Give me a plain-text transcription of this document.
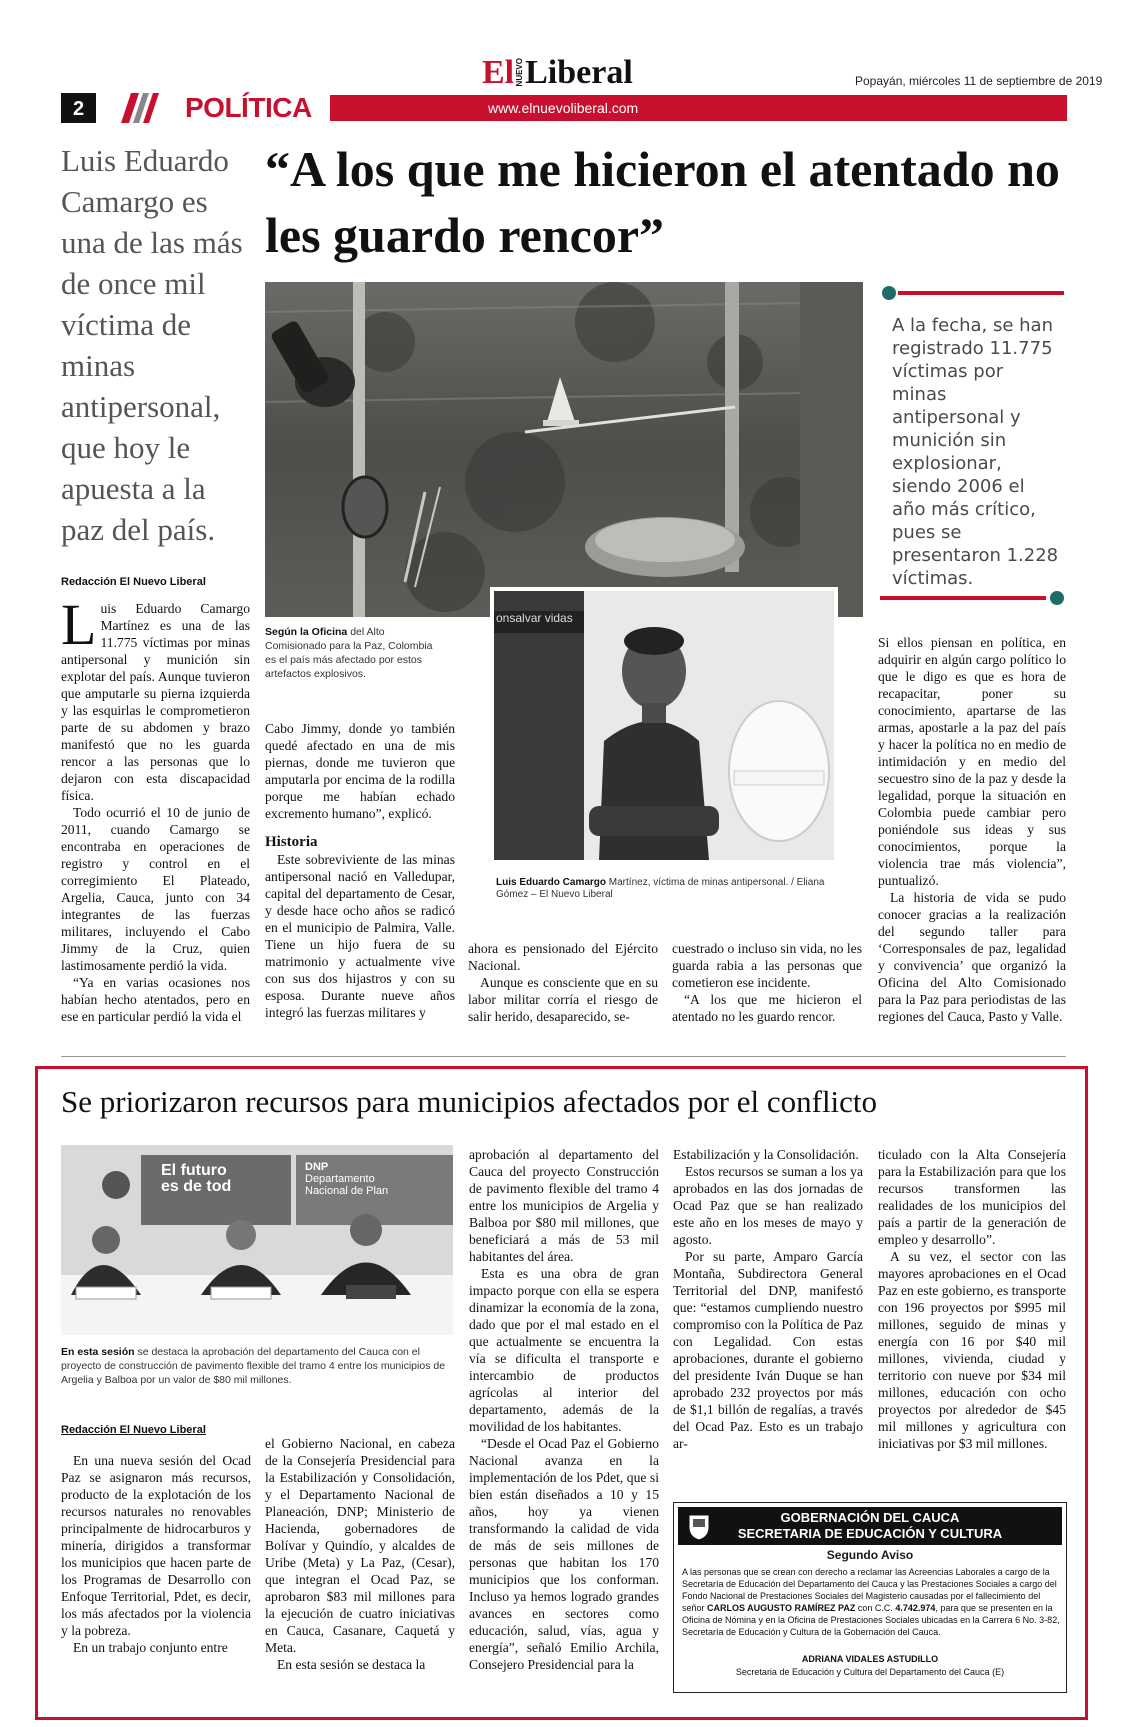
2	POLÍTICA
El NUEVO Liberal
www.elnuevoliberal.com
Popayán, miércoles 11 de septiembre de 2019
“A los que me hicieron el atentado no les guardo rencor”
Luis Eduardo Camargo es una de las más de once mil víctima de minas antipersonal, que hoy le apuesta a la paz del país.
Redacción El Nuevo Liberal

Luis Eduardo Camargo Martínez es una de las 11.775 víctimas por minas antipersonal y munición sin explotar del país. Aunque tuvieron que amputarle su pierna izquierda y las esquirlas le comprometieron parte de su abdomen y brazo manifestó que no les guarda rencor a las personas que lo dejaron con esta discapacidad física.

Todo ocurrió el 10 de junio de 2011, cuando Camargo se encontraba en operaciones de registro y control en el corregimiento El Plateado, Argelia, Cauca, junto con 34 integrantes de las fuerzas militares, incluyendo el Cabo Jimmy de la Cruz, quien lastimosamente perdió la vida.

“Ya en varias ocasiones nos habían hecho atentados, pero en ese en particular perdió la vida el

Según la Oficina del Alto Comisionado para la Paz, Colombia es el país más afectado por estos artefactos explosivos.

Cabo Jimmy, donde yo también quedé afectado en una de mis piernas, donde me tuvieron que amputarla por encima de la rodilla porque me habían echado excremento humano”, explicó.

Historia

Este sobreviviente de las minas antipersonal nació en Valledupar, capital del departamento de Cesar, y desde hace ocho años se radicó en el municipio de Palmira, Valle. Tiene un hijo fuera de su matrimonio y actualmente vive con sus dos hijastros y con su esposa. Durante nueve años integró las fuerzas militares y

onsalvar vidas
Luis Eduardo Camargo Martínez, víctima de minas antipersonal. / Eliana Gómez – El Nuevo Liberal

ahora es pensionado del Ejército Nacional.

Aunque es consciente que en su labor militar corría el riesgo de salir herido, desaparecido, se-

cuestrado o incluso sin vida, no les guarda rabia a las personas que cometieron ese incidente.

“A los que me hicieron el atentado no les guardo rencor.

A la fecha, se han registrado 11.775 víctimas por minas antipersonal y munición sin explosionar, siendo 2006 el año más crítico, pues se presentaron 1.228 víctimas.

Si ellos piensan en política, en adquirir en algún cargo político lo que le digo es que es hora de recapacitar, poner su conocimiento, apartarse de las armas, apostarle a la paz del país y hacer la política no en medio de intimidación y en medio del secuestro sino de la paz y desde la legalidad, porque la situación en Colombia puede cambiar pero poniéndole sus ideas y sus conocimientos, porque la violencia trae más violencia”, puntualizó.

La historia de vida se pudo conocer gracias a la realización del segundo taller para ‘Corresponsales de paz, legalidad y convivencia’ que organizó la Oficina del Alto Comisionado para la Paz para periodistas de las regiones del Cauca, Pasto y Valle.

Se priorizaron recursos para municipios afectados por el conflicto
El futuro
es de tod
DNP
Departamento
Nacional de Plan
En esta sesión se destaca la aprobación del departamento del Cauca con el proyecto de construcción de pavimento flexible del tramo 4 entre los municipios de Argelia y Balboa por un valor de $80 mil millones.
Redacción El Nuevo Liberal

En una nueva sesión del Ocad Paz se asignaron más recursos, producto de la explotación de los recursos naturales no renovables principalmente de hidrocarburos y minería, dirigidos a transformar los municipios que hacen parte de los Programas de Desarrollo con Enfoque Territorial, Pdet, es decir, los más afectados por la violencia y la pobreza.

En un trabajo conjunto entre

el Gobierno Nacional, en cabeza de la Consejería Presidencial para la Estabilización y Consolidación, y el Departamento Nacional de Planeación, DNP; Ministerio de Hacienda, gobernadores de Bolívar y Quindío, y alcaldes de Uribe (Meta) y La Paz, (Cesar), que integran el Ocad Paz, se aprobaron $83 mil millones para la ejecución de cuatro iniciativas en Cauca, Casanare, Caquetá y Meta.

En esta sesión se destaca la

aprobación al departamento del Cauca del proyecto Construcción de pavimento flexible del tramo 4 entre los municipios de Argelia y Balboa por $80 mil millones, que beneficiará a más de 53 mil habitantes del área.

Esta es una obra de gran impacto porque con ella se espera dinamizar la economía de la zona, dado que por el mal estado en el que actualmente se encuentra la vía se dificulta el transporte e intercambio de productos agrícolas al interior del departamento, además de la movilidad de los habitantes.

“Desde el Ocad Paz el Gobierno Nacional avanza en la implementación de los Pdet, que si bien están diseñados a 10 y 15 años, hoy ya vienen transformando la calidad de vida de más de seis millones de personas que habitan los 170 municipios que los conforman. Incluso ya hemos logrado grandes avances en sectores como educación, salud, vías, agua y energía”, señaló Emilio Archila, Consejero Presidencial para la

Estabilización y la Consolidación.

Estos recursos se suman a los ya aprobados en las dos jornadas de Ocad Paz que se han realizado este año en los meses de mayo y agosto.

Por su parte, Amparo García Montaña, Subdirectora General Territorial del DNP, manifestó que: “estamos cumpliendo nuestro compromiso con la Política de Paz con Legalidad. Con estas aprobaciones, durante el gobierno del presidente Iván Duque se han aprobado 232 proyectos por más de $1,1 billón de regalías, a través del Ocad Paz. Esto es un trabajo ar-

ticulado con la Alta Consejería para la Estabilización para que los recursos transformen las realidades de los municipios del país a partir de la generación de empleo y desarrollo”.

A su vez, el sector con las mayores aprobaciones en el Ocad Paz en este gobierno, es transporte con 196 proyectos por $995 mil millones, seguido de minas y energía con 16 por $40 mil millones, vivienda, ciudad y territorio con nueve por $34 mil millones, educación con ocho proyectos por alrededor de $45 mil millones y agricultura con iniciativas por $3 mil millones.

GOBERNACIÓN DEL CAUCA
SECRETARIA DE EDUCACIÓN Y CULTURA
Segundo Aviso
A las personas que se crean con derecho a reclamar las Acreencias Laborales a cargo de la Secretaría de Educación del Departamento del Cauca y las Prestaciones Sociales a cargo del Fondo Nacional de Prestaciones Sociales del Magisterio causadas por el fallecimiento del señor CARLOS AUGUSTO RAMÍREZ PAZ con C.C. 4.742.974, para que se presenten en la Oficina de Nómina y en la Oficina de Prestaciones Sociales ubicadas en la Carrera 6 No. 3-82, Secretaría de Educación y Cultura de la Gobernación del Cauca.
ADRIANA VIDALES ASTUDILLO
Secretaria de Educación y Cultura del Departamento del Cauca (E)
